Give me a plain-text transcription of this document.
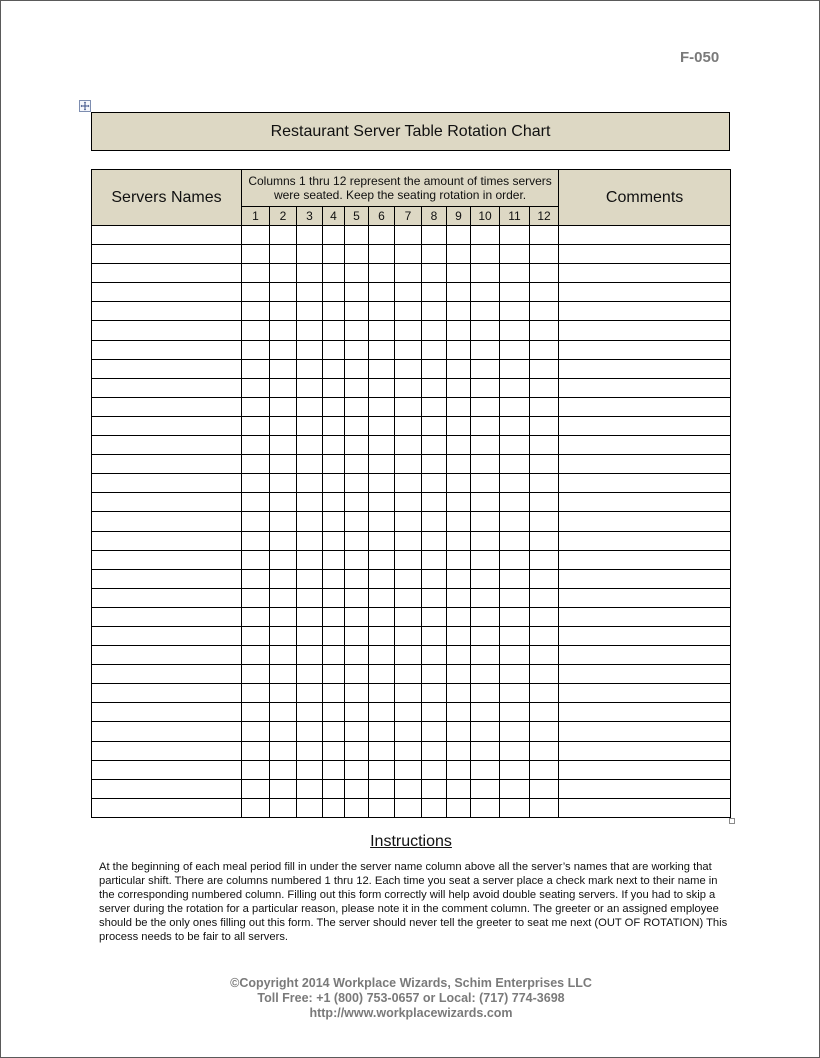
F-050
Restaurant Server Table Rotation Chart
Servers Names	Columns 1 thru 12 represent the amount of times servers were seated. Keep the seating rotation in order.												Comments
	1	2	3	4	5	6	7	8	9	10	11	12	

Instructions

At the beginning of each meal period fill in under the server name column above all the server’s names that are working that particular shift. There are columns numbered 1 thru 12. Each time you seat a server place a check mark next to their name in the corresponding numbered column. Filling out this form correctly will help avoid double seating servers. If you had to skip a server during the rotation for a particular reason, please note it in the comment column. The greeter or an assigned employee should be the only ones filling out this form. The server should never tell the greeter to seat me next (OUT OF ROTATION) This process needs to be fair to all servers.

©Copyright 2014 Workplace Wizards, Schim Enterprises LLC
Toll Free: +1 (800) 753-0657 or Local: (717) 774-3698
http://www.workplacewizards.com
